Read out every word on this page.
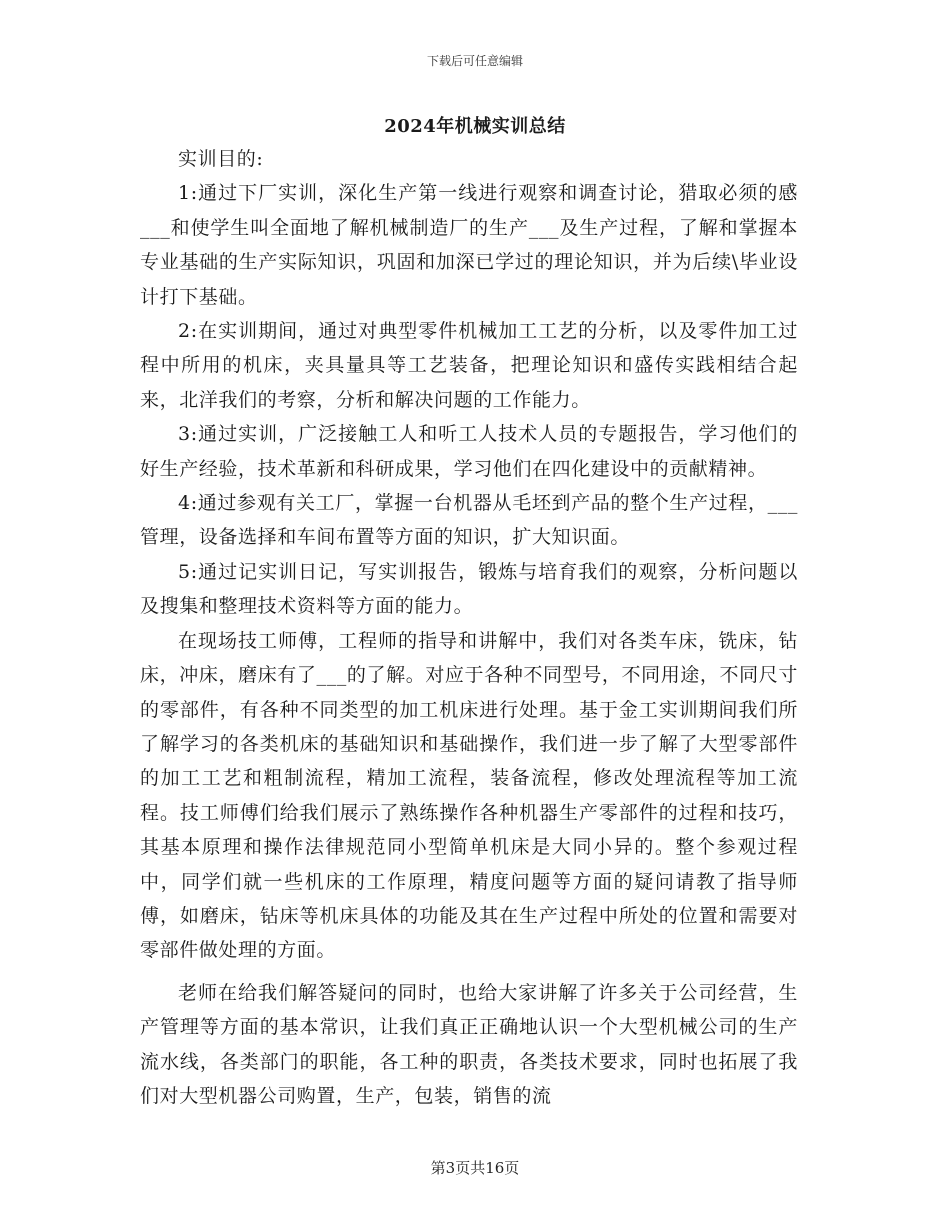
下载后可任意编辑
2024年机械实训总结

实训目的:

1:通过下厂实训，深化生产第一线进行观察和调查讨论，猎取必须的感___和使学生叫全面地了解机械制造厂的生产___及生产过程，了解和掌握本专业基础的生产实际知识，巩固和加深已学过的理论知识，并为后续\毕业设计打下基础。

2:在实训期间，通过对典型零件机械加工工艺的分析，以及零件加工过程中所用的机床，夹具量具等工艺装备，把理论知识和盛传实践相结合起来，北洋我们的考察，分析和解决问题的工作能力。

3:通过实训，广泛接触工人和听工人技术人员的专题报告，学习他们的好生产经验，技术革新和科研成果，学习他们在四化建设中的贡献精神。

4:通过参观有关工厂，掌握一台机器从毛坯到产品的整个生产过程，___管理，设备选择和车间布置等方面的知识，扩大知识面。

5:通过记实训日记，写实训报告，锻炼与培育我们的观察，分析问题以及搜集和整理技术资料等方面的能力。

在现场技工师傅，工程师的指导和讲解中，我们对各类车床，铣床，钻床，冲床，磨床有了___的了解。对应于各种不同型号，不同用途，不同尺寸的零部件，有各种不同类型的加工机床进行处理。基于金工实训期间我们所了解学习的各类机床的基础知识和基础操作，我们进一步了解了大型零部件的加工工艺和粗制流程，精加工流程，装备流程，修改处理流程等加工流程。技工师傅们给我们展示了熟练操作各种机器生产零部件的过程和技巧，其基本原理和操作法律规范同小型简单机床是大同小异的。整个参观过程中，同学们就一些机床的工作原理，精度问题等方面的疑问请教了指导师傅，如磨床，钻床等机床具体的功能及其在生产过程中所处的位置和需要对零部件做处理的方面。

老师在给我们解答疑问的同时，也给大家讲解了许多关于公司经营，生产管理等方面的基本常识，让我们真正正确地认识一个大型机械公司的生产流水线，各类部门的职能，各工种的职责，各类技术要求，同时也拓展了我们对大型机器公司购置，生产，包装，销售的流

第3页共16页
